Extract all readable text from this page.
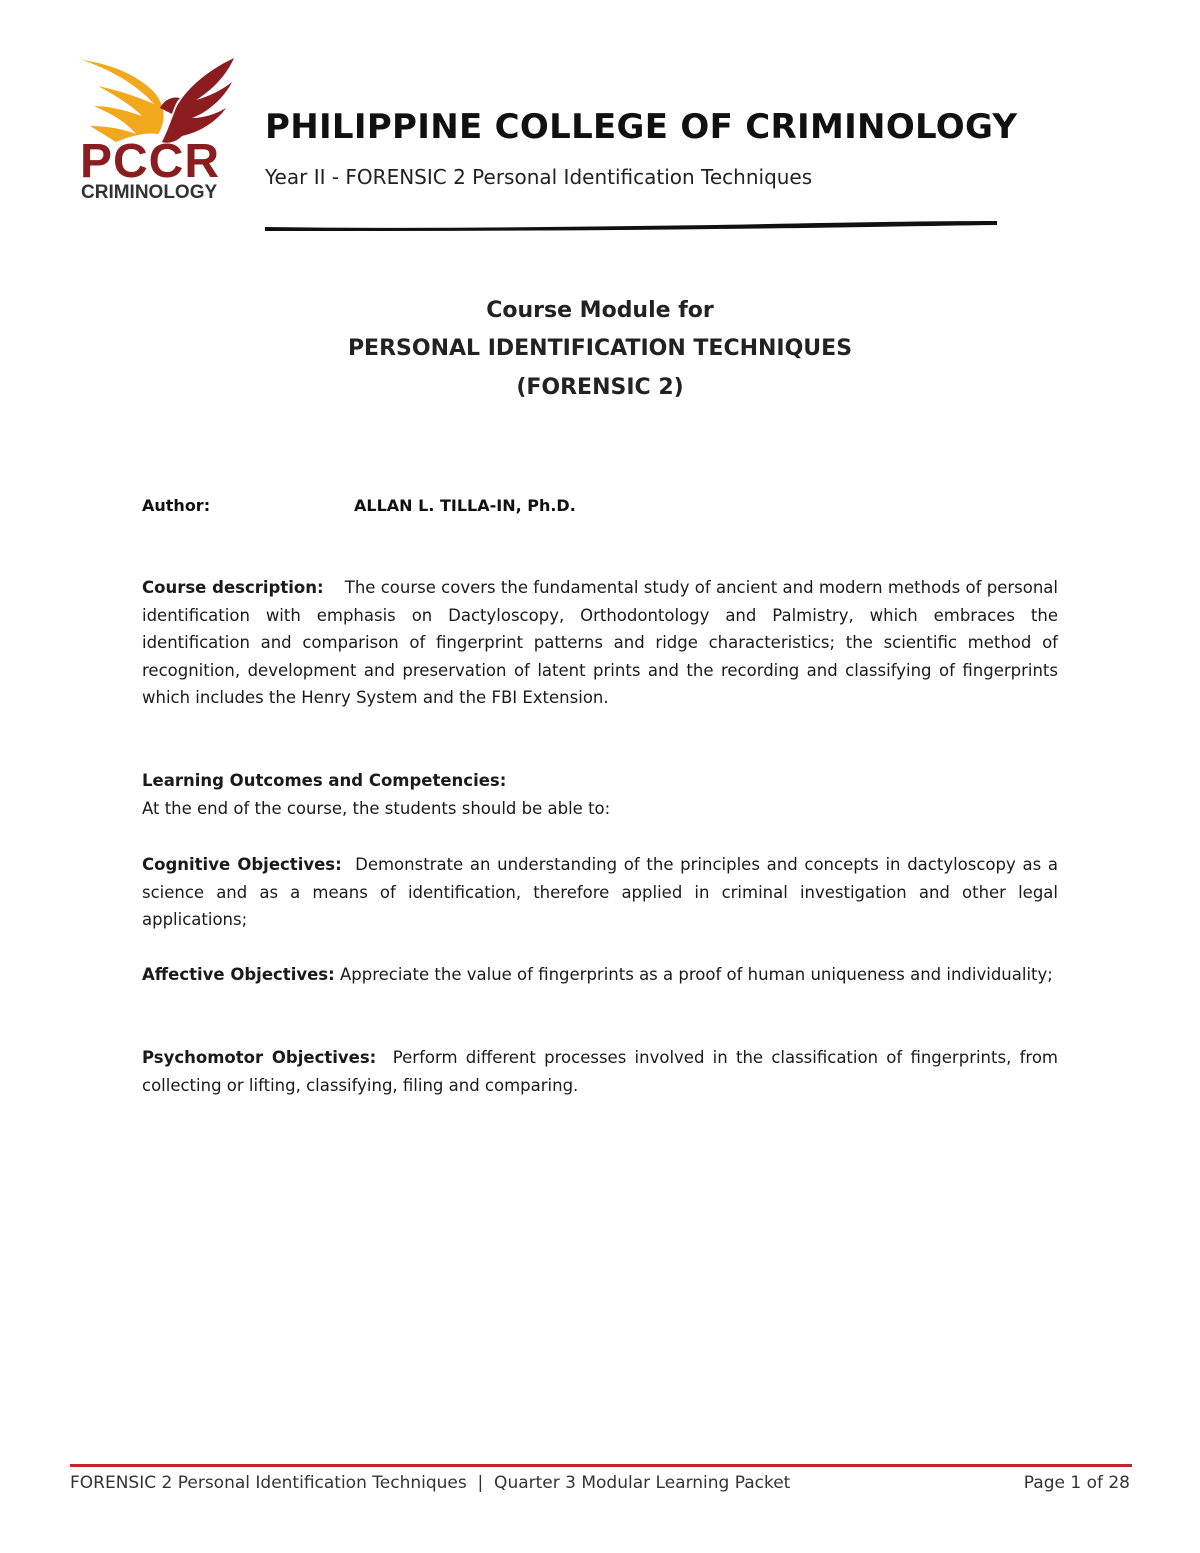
PCCR
CRIMINOLOGY
PHILIPPINE COLLEGE OF CRIMINOLOGY
Year II - FORENSIC 2 Personal Identification Techniques
Course Module for
PERSONAL IDENTIFICATION TECHNIQUES
(FORENSIC 2)
Author:	ALLAN L. TILLA-IN, Ph.D.
Course description: The course covers the fundamental study of ancient and modern methods of personal identification with emphasis on Dactyloscopy, Orthodontology and Palmistry, which embraces the identification and comparison of fingerprint patterns and ridge characteristics; the scientific method of recognition, development and preservation of latent prints and the recording and classifying of fingerprints which includes the Henry System and the FBI Extension.
Learning Outcomes and Competencies:
At the end of the course, the students should be able to:
Cognitive Objectives: Demonstrate an understanding of the principles and concepts in dactyloscopy as a science and as a means of identification, therefore applied in criminal investigation and other legal applications;
Affective Objectives: Appreciate the value of fingerprints as a proof of human uniqueness and individuality;
Psychomotor Objectives: Perform different processes involved in the classification of fingerprints, from collecting or lifting, classifying, filing and comparing.
FORENSIC 2 Personal Identification Techniques  |  Quarter 3 Modular Learning Packet	Page 1 of 28
